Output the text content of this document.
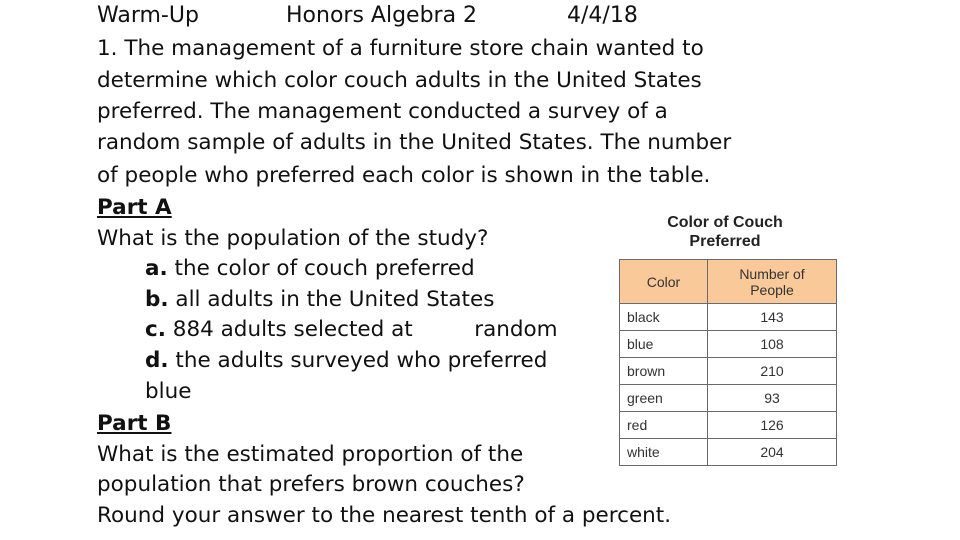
Warm-Up	Honors Algebra 2	4/4/18
1. The management of a furniture store chain wanted to
determine which color couch adults in the United States
preferred. The management conducted a survey of a
random sample of adults in the United States. The number
of people who preferred each color is shown in the table.
Part A
What is the population of the study?
a. the color of couch preferred
b. all adults in the United States
c. 884 adults selected at         random
d. the adults surveyed who preferred
blue
Part B
What is the estimated proportion of the
population that prefers brown couches?
Round your answer to the nearest tenth of a percent.
Color of Couch
Preferred
Color	Number of
People

black	143
blue	108
brown	210
green	93
red	126
white	204
